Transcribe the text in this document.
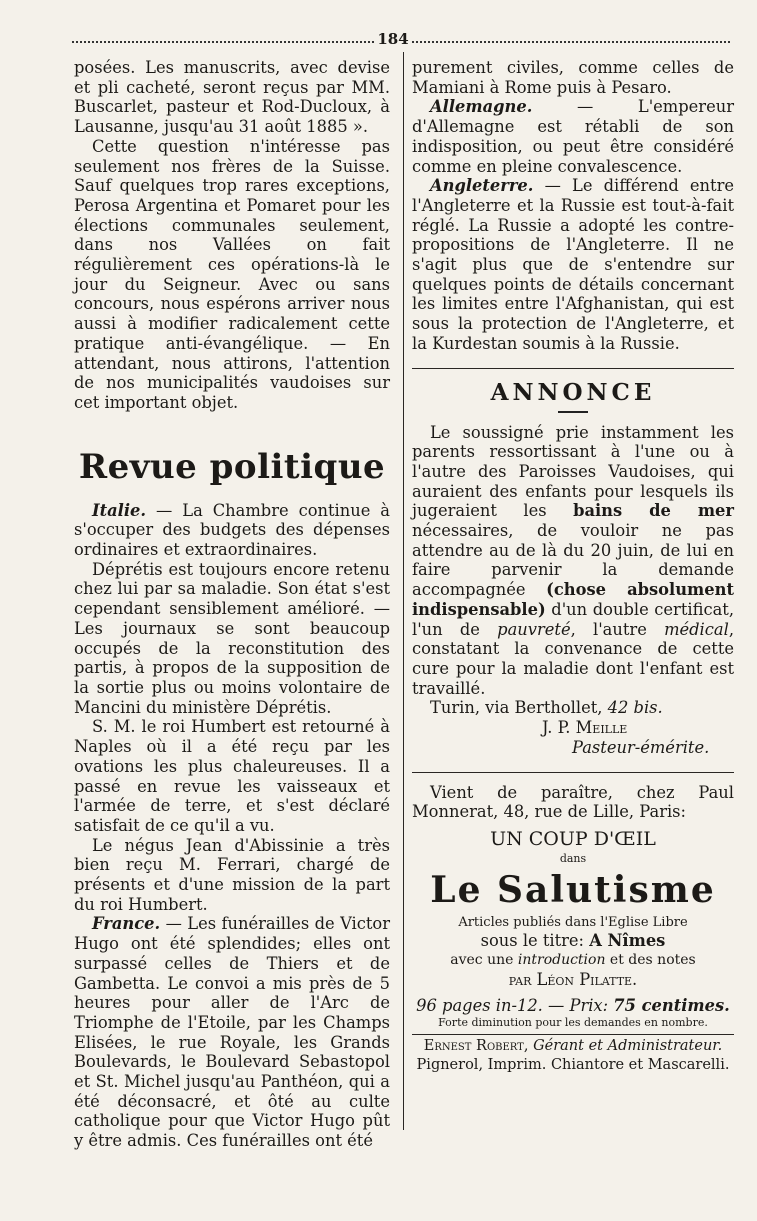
184

posées. Les manuscrits, avec devise et pli cacheté, seront reçus par MM. Buscarlet, pasteur et Rod-Ducloux, à Lausanne, jusqu'au 31 août 1885 ».

Cette question n'intéresse pas seulement nos frères de la Suisse. Sauf quelques trop rares exceptions, Perosa Argentina et Pomaret pour les élections communales seulement, dans nos Vallées on fait régulièrement ces opérations-là le jour du Seigneur. Avec ou sans concours, nous espérons arriver nous aussi à modifier radicalement cette pratique anti-évangélique. — En attendant, nous attirons, l'attention de nos municipalités vaudoises sur cet important objet.

Revue politique

Italie. — La Chambre continue à s'occuper des budgets des dépenses ordinaires et extraordinaires.

Déprétis est toujours encore retenu chez lui par sa maladie. Son état s'est cependant sensiblement amélioré. — Les journaux se sont beaucoup occupés de la reconstitution des partis, à propos de la supposition de la sortie plus ou moins volontaire de Mancini du ministère Déprétis.

S. M. le roi Humbert est retourné à Naples où il a été reçu par les ovations les plus chaleureuses. Il a passé en revue les vaisseaux et l'armée de terre, et s'est déclaré satisfait de ce qu'il a vu.

Le négus Jean d'Abissinie a très bien reçu M. Ferrari, chargé de présents et d'une mission de la part du roi Humbert.

France. — Les funérailles de Victor Hugo ont été splendides; elles ont surpassé celles de Thiers et de Gambetta. Le convoi a mis près de 5 heures pour aller de l'Arc de Triomphe de l'Etoile, par les Champs Elisées, le rue Royale, les Grands Boulevards, le Boulevard Sebastopol et St. Michel jusqu'au Panthéon, qui a été déconsacré, et ôté au culte catholique pour que Victor Hugo pût y être admis. Ces funérailles ont été

purement civiles, comme celles de Mamiani à Rome puis à Pesaro.

Allemagne. — L'empereur d'Allemagne est rétabli de son indisposition, ou peut être considéré comme en pleine convalescence.

Angleterre. — Le différend entre l'Angleterre et la Russie est tout-à-fait réglé. La Russie a adopté les contre-propositions de l'Angleterre. Il ne s'agit plus que de s'entendre sur quelques points de détails concernant les limites entre l'Afghanistan, qui est sous la protection de l'Angleterre, et la Kurdestan soumis à la Russie.

ANNONCE

Le soussigné prie instamment les parents ressortissant à l'une ou à l'autre des Paroisses Vaudoises, qui auraient des enfants pour lesquels ils jugeraient les bains de mer nécessaires, de vouloir ne pas attendre au de là du 20 juin, de lui en faire parvenir la demande accompagnée (chose absolument indispensable) d'un double certificat, l'un de pauvreté, l'autre médical, constatant la convenance de cette cure pour la maladie dont l'enfant est travaillé.

Turin, via Berthollet, 42 bis.

J. P. Meille

Pasteur-émérite.

Vient de paraître, chez Paul Monnerat, 48, rue de Lille, Paris:

UN COUP D'ŒIL

dans

Le Salutisme

Articles publiés dans l'Eglise Libre

sous le titre: A Nîmes

avec une introduction et des notes

par Léon Pilatte.

96 pages in-12. — Prix: 75 centimes.

Forte diminution pour les demandes en nombre.

Ernest Robert, Gérant et Administrateur.

Pignerol, Imprim. Chiantore et Mascarelli.
